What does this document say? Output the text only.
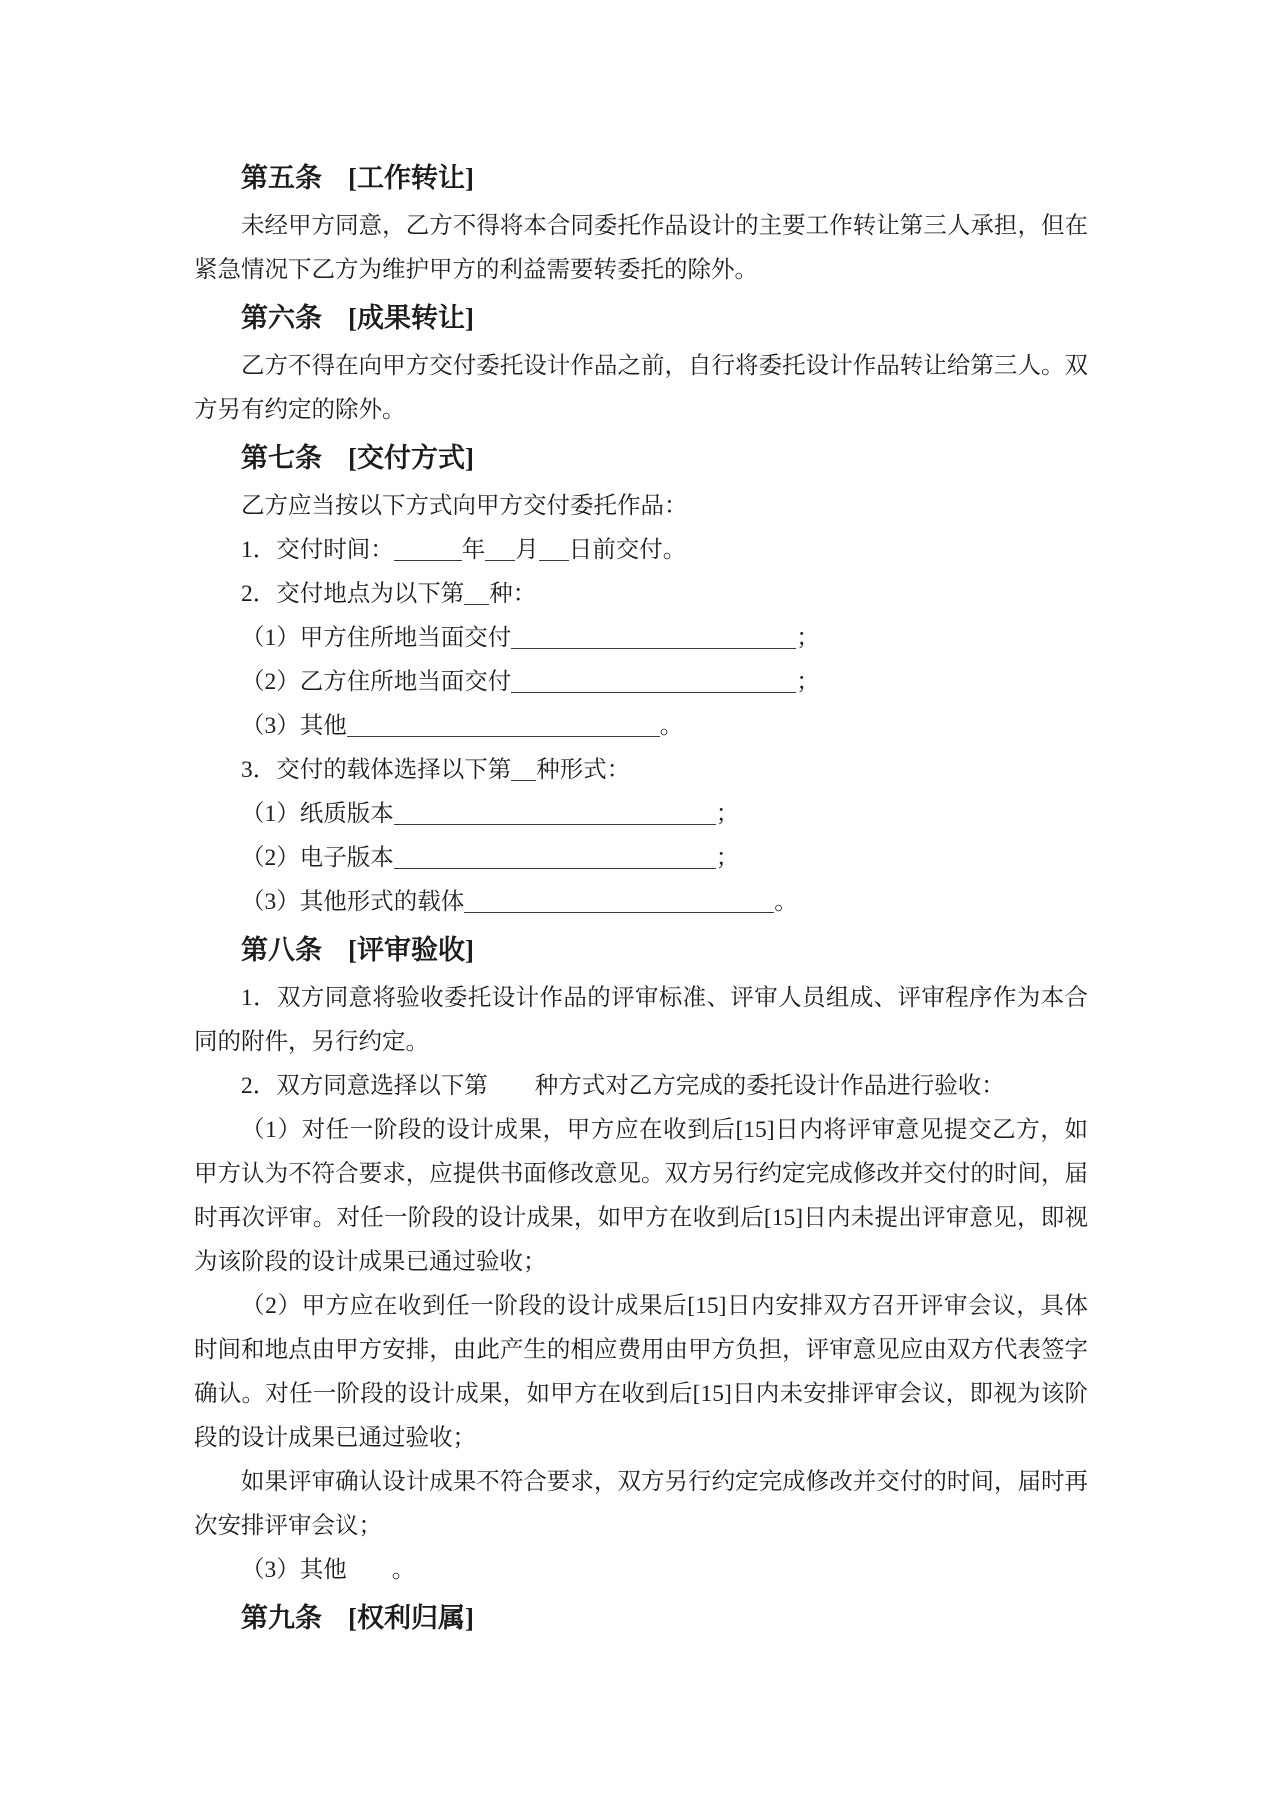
第五条 [工作转让]

未经甲方同意，乙方不得将本合同委托作品设计的主要工作转让第三人承担，但在紧急情况下乙方为维护甲方的利益需要转委托的除外。

第六条 [成果转让]

乙方不得在向甲方交付委托设计作品之前，自行将委托设计作品转让给第三人。双方另有约定的除外。

第七条 [交付方式]

乙方应当按以下方式向甲方交付委托作品：

1．交付时间：	年 月 日前交付。

2．交付地点为以下第 种：

（1）甲方住所地当面交付	；

（2）乙方住所地当面交付	；

（3）其他	。

3．交付的载体选择以下第 种形式：

（1）纸质版本	；

（2）电子版本	；

（3）其他形式的载体	。

第八条 [评审验收]

1．双方同意将验收委托设计作品的评审标准、评审人员组成、评审程序作为本合同的附件，另行约定。

2．双方同意选择以下第 种方式对乙方完成的委托设计作品进行验收：

（1）对任一阶段的设计成果，甲方应在收到后[15]日内将评审意见提交乙方，如甲方认为不符合要求，应提供书面修改意见。双方另行约定完成修改并交付的时间，届时再次评审。对任一阶段的设计成果，如甲方在收到后[15]日内未提出评审意见，即视为该阶段的设计成果已通过验收；

（2）甲方应在收到任一阶段的设计成果后[15]日内安排双方召开评审会议，具体时间和地点由甲方安排，由此产生的相应费用由甲方负担，评审意见应由双方代表签字确认。对任一阶段的设计成果，如甲方在收到后[15]日内未安排评审会议，即视为该阶段的设计成果已通过验收；

如果评审确认设计成果不符合要求，双方另行约定完成修改并交付的时间，届时再次安排评审会议；

（3）其他 。

第九条 [权利归属]
